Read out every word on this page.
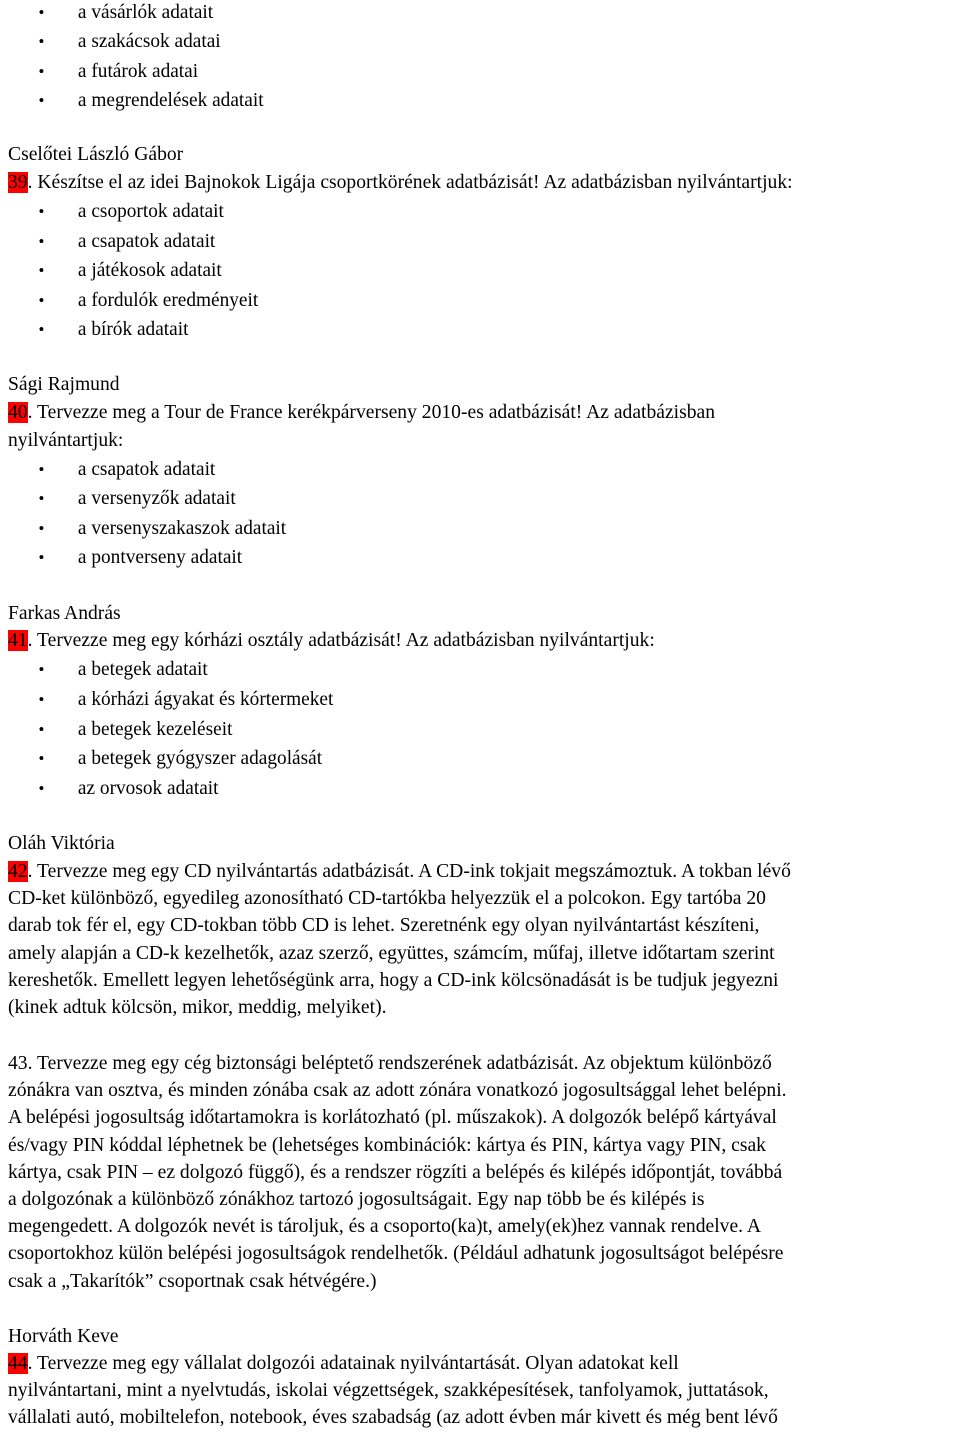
• a vásárlók adatait
• a szakácsok adatai
• a futárok adatai
• a megrendelések adatait
Cselőtei László Gábor
39. Készítse el az idei Bajnokok Ligája csoportkörének adatbázisát! Az adatbázisban nyilvántartjuk:
• a csoportok adatait
• a csapatok adatait
• a játékosok adatait
• a fordulók eredményeit
• a bírók adatait
Sági Rajmund
40. Tervezze meg a Tour de France kerékpárverseny 2010-es adatbázisát! Az adatbázisban
nyilvántartjuk:
• a csapatok adatait
• a versenyzők adatait
• a versenyszakaszok adatait
• a pontverseny adatait
Farkas András
41. Tervezze meg egy kórházi osztály adatbázisát! Az adatbázisban nyilvántartjuk:
• a betegek adatait
• a kórházi ágyakat és kórtermeket
• a betegek kezeléseit
• a betegek gyógyszer adagolását
• az orvosok adatait
Oláh Viktória
42. Tervezze meg egy CD nyilvántartás adatbázisát. A CD-ink tokjait megszámoztuk. A tokban lévő
CD-ket különböző, egyedileg azonosítható CD-tartókba helyezzük el a polcokon. Egy tartóba 20
darab tok fér el, egy CD-tokban több CD is lehet. Szeretnénk egy olyan nyilvántartást készíteni,
amely alapján a CD-k kezelhetők, azaz szerző, együttes, számcím, műfaj, illetve időtartam szerint
kereshetők. Emellett legyen lehetőségünk arra, hogy a CD-ink kölcsönadását is be tudjuk jegyezni
(kinek adtuk kölcsön, mikor, meddig, melyiket).
43. Tervezze meg egy cég biztonsági beléptető rendszerének adatbázisát. Az objektum különböző
zónákra van osztva, és minden zónába csak az adott zónára vonatkozó jogosultsággal lehet belépni.
A belépési jogosultság időtartamokra is korlátozható (pl. műszakok). A dolgozók belépő kártyával
és/vagy PIN kóddal léphetnek be (lehetséges kombinációk: kártya és PIN, kártya vagy PIN, csak
kártya, csak PIN – ez dolgozó függő), és a rendszer rögzíti a belépés és kilépés időpontját, továbbá
a dolgozónak a különböző zónákhoz tartozó jogosultságait. Egy nap több be és kilépés is
megengedett. A dolgozók nevét is tároljuk, és a csoporto(ka)t, amely(ek)hez vannak rendelve. A
csoportokhoz külön belépési jogosultságok rendelhetők. (Például adhatunk jogosultságot belépésre
csak a „Takarítók” csoportnak csak hétvégére.)
Horváth Keve
44. Tervezze meg egy vállalat dolgozói adatainak nyilvántartását. Olyan adatokat kell
nyilvántartani, mint a nyelvtudás, iskolai végzettségek, szakképesítések, tanfolyamok, juttatások,
vállalati autó, mobiltelefon, notebook, éves szabadság (az adott évben már kivett és még bent lévő
